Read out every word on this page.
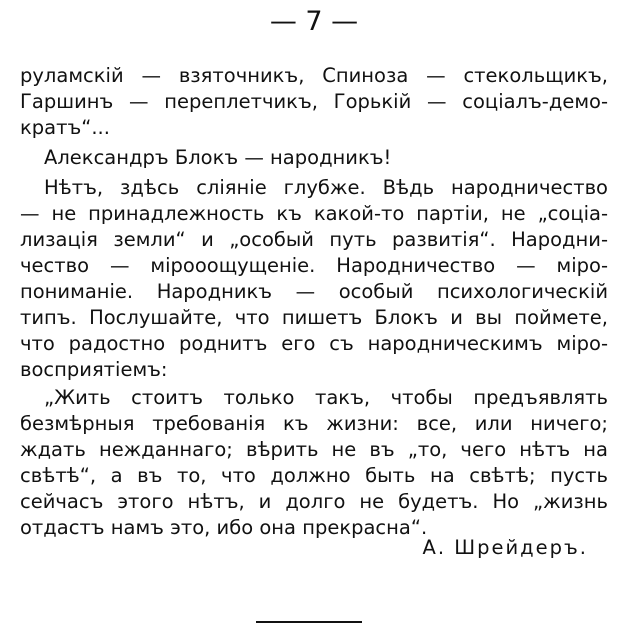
— 7 —
руламскій — взяточникъ, Спиноза — стекольщикъ,
Гаршинъ — переплетчикъ, Горькій — соціалъ-демо-
кратъ“...
Александръ Блокъ — народникъ!
Нѣтъ, здѣсь сліяніе глубже. Вѣдь народничество
— не принадлежность къ какой-то партіи, не „соціа-
лизація земли“ и „особый путь развитія“. Народни-
чество — мірооощущеніе. Народничество — міро-
пониманіе. Народникъ — особый психологическій
типъ. Послушайте, что пишетъ Блокъ и вы поймете,
что радостно роднитъ его съ народническимъ міро-
восприятіемъ:
„Жить стоитъ только такъ, чтобы предъявлять
безмѣрныя требованія къ жизни: все, или ничего;
ждать нежданнаго; вѣрить не въ „то, чего нѣтъ на
свѣтѣ“, а въ то, что должно быть на свѣтѣ; пусть
сейчасъ этого нѣтъ, и долго не будетъ. Но „жизнь
отдастъ намъ это, ибо она прекрасна“.
А. Шрейдеръ.
